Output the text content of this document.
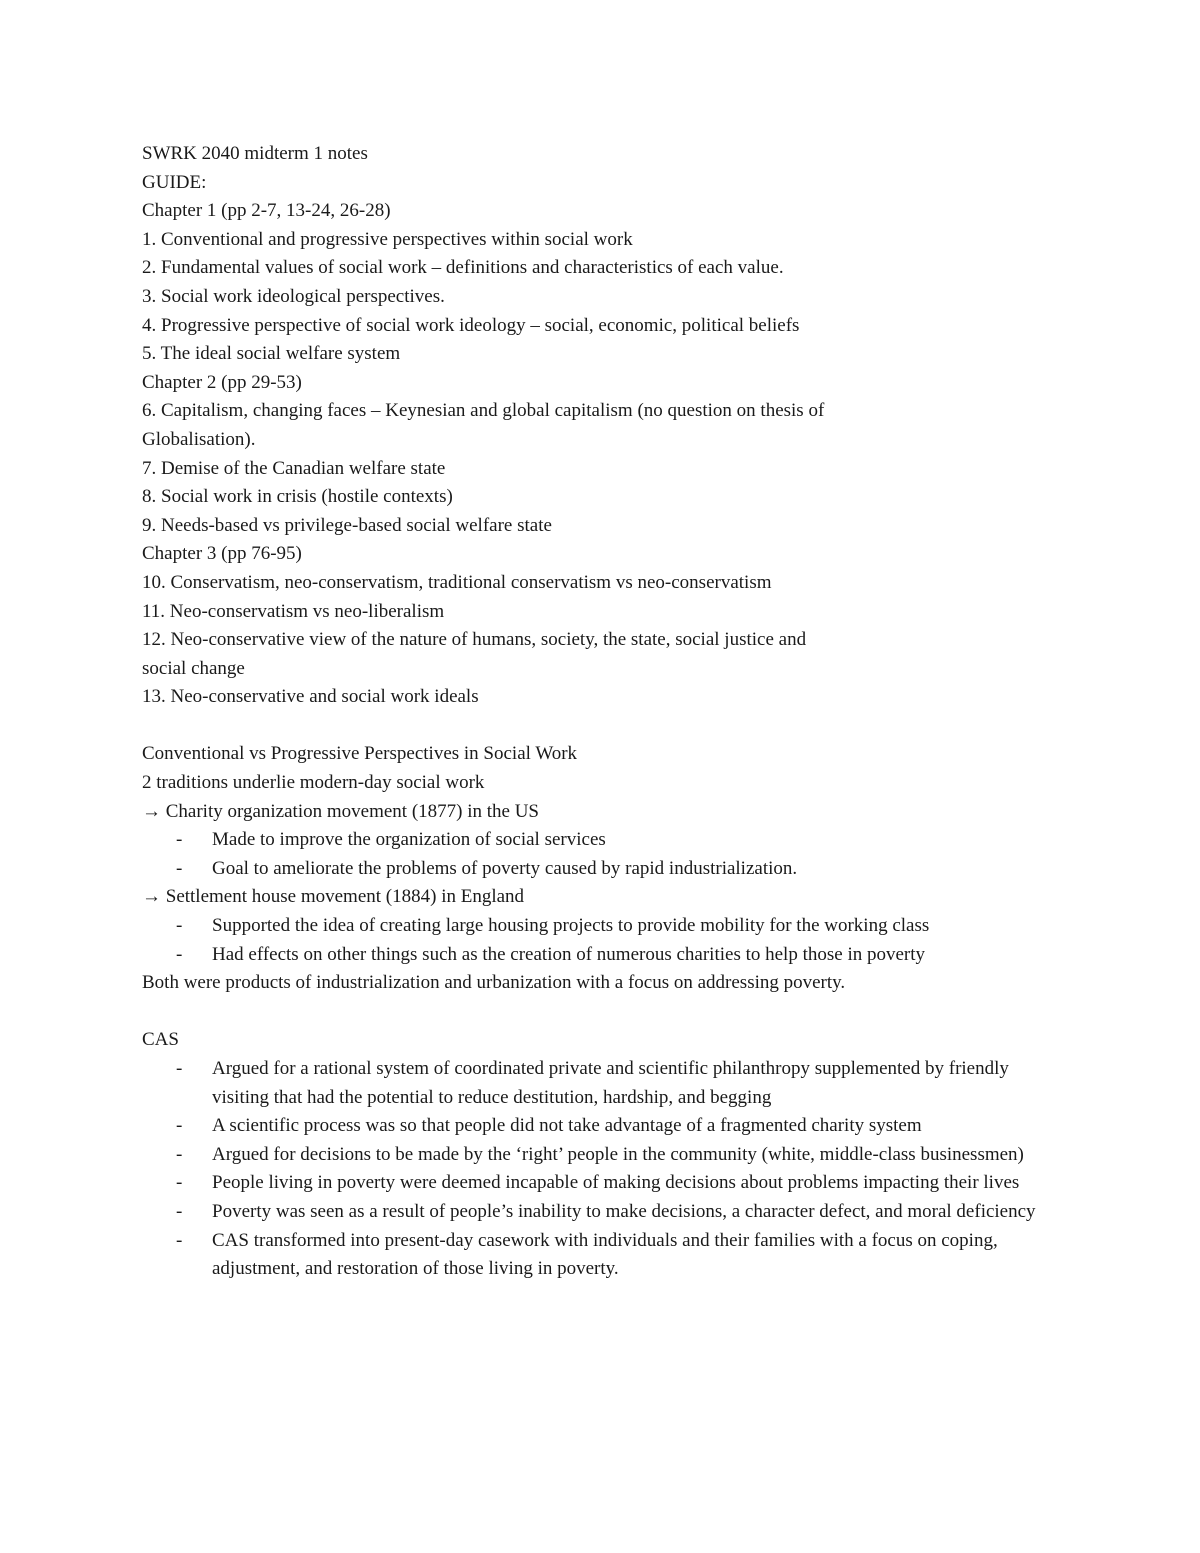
SWRK 2040 midterm 1 notes
GUIDE:
Chapter 1 (pp 2-7, 13-24, 26-28)
1. Conventional and progressive perspectives within social work
2. Fundamental values of social work – definitions and characteristics of each value.
3. Social work ideological perspectives.
4. Progressive perspective of social work ideology – social, economic, political beliefs
5. The ideal social welfare system
Chapter 2 (pp 29-53)
6. Capitalism, changing faces – Keynesian and global capitalism (no question on thesis of
Globalisation).
7. Demise of the Canadian welfare state
8. Social work in crisis (hostile contexts)
9. Needs-based vs privilege-based social welfare state
Chapter 3 (pp 76-95)
10. Conservatism, neo-conservatism, traditional conservatism vs neo-conservatism
11. Neo-conservatism vs neo-liberalism
12. Neo-conservative view of the nature of humans, society, the state, social justice and
social change
13. Neo-conservative and social work ideals
Conventional vs Progressive Perspectives in Social Work
2 traditions underlie modern-day social work
→ Charity organization movement (1877) in the US
- Made to improve the organization of social services
- Goal to ameliorate the problems of poverty caused by rapid industrialization.
→ Settlement house movement (1884) in England
- Supported the idea of creating large housing projects to provide mobility for the working class
- Had effects on other things such as the creation of numerous charities to help those in poverty
Both were products of industrialization and urbanization with a focus on addressing poverty.
CAS
- Argued for a rational system of coordinated private and scientific philanthropy supplemented by friendly visiting that had the potential to reduce destitution, hardship, and begging
- A scientific process was so that people did not take advantage of a fragmented charity system
- Argued for decisions to be made by the ‘right’ people in the community (white, middle-class businessmen)
- People living in poverty were deemed incapable of making decisions about problems impacting their lives
- Poverty was seen as a result of people’s inability to make decisions, a character defect, and moral deficiency
- CAS transformed into present-day casework with individuals and their families with a focus on coping, adjustment, and restoration of those living in poverty.
